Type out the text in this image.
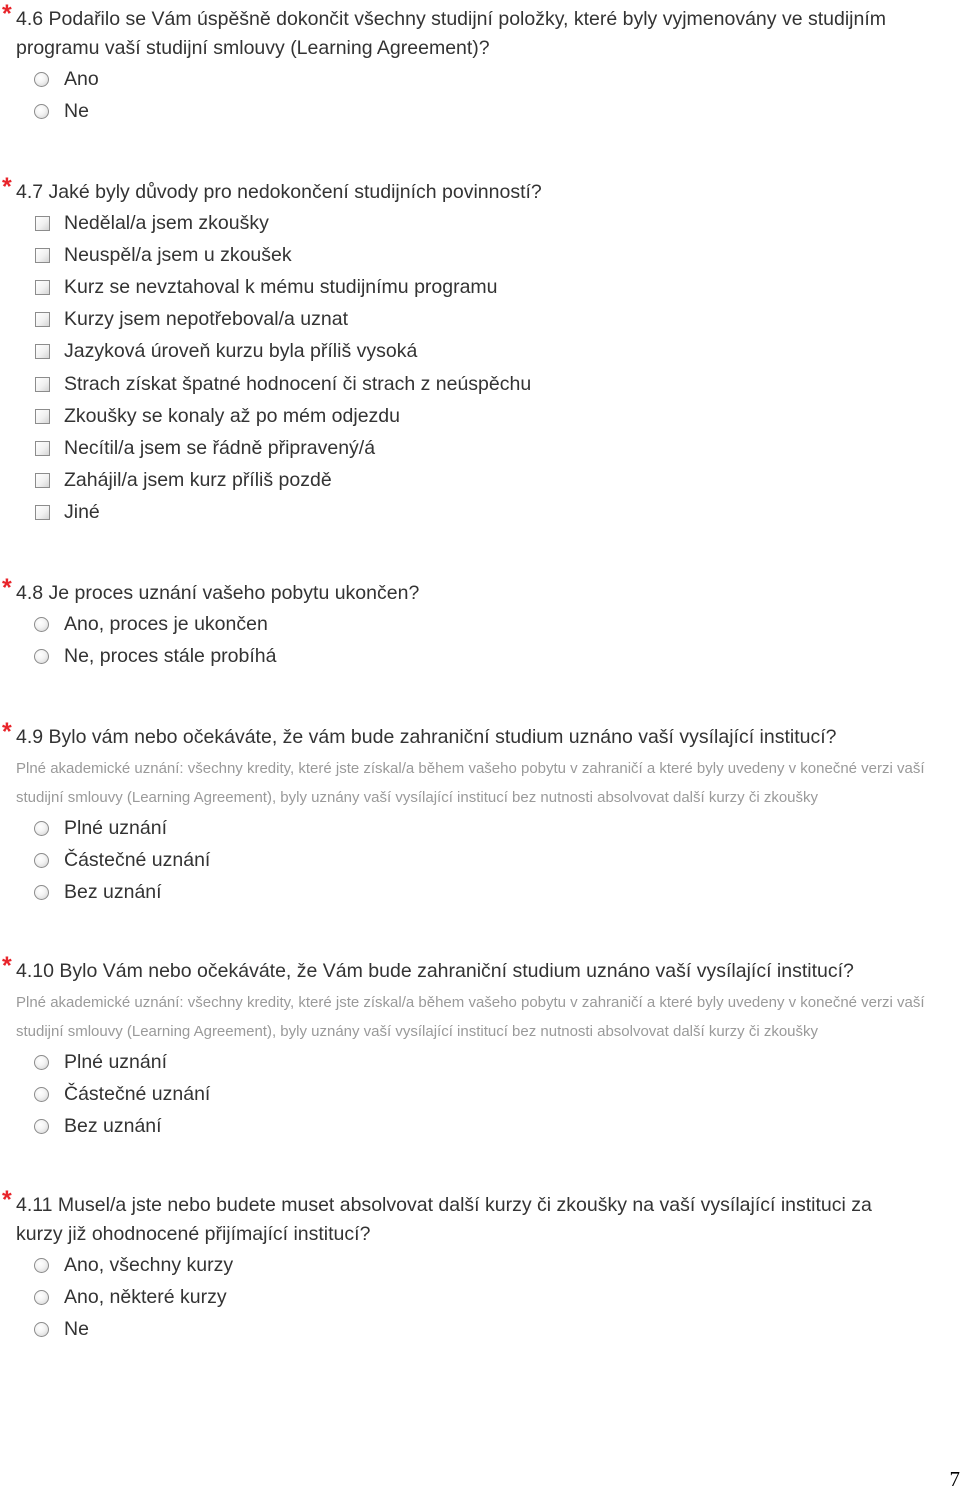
* 4.6 Podařilo se Vám úspěšně dokončit všechny studijní položky, které byly vyjmenovány ve studijním programu vaší studijní smlouvy (Learning Agreement)?
Ano
Ne
* 4.7 Jaké byly důvody pro nedokončení studijních povinností?
Nedělal/a jsem zkoušky
Neuspěl/a jsem u zkoušek
Kurz se nevztahoval k mému studijnímu programu
Kurzy jsem nepotřeboval/a uznat
Jazyková úroveň kurzu byla příliš vysoká
Strach získat špatné hodnocení či strach z neúspěchu
Zkoušky se konaly až po mém odjezdu
Necítil/a jsem se řádně připravený/á
Zahájil/a jsem kurz příliš pozdě
Jiné
* 4.8 Je proces uznání vašeho pobytu ukončen?
Ano, proces je ukončen
Ne, proces stále probíhá
* 4.9 Bylo vám nebo očekáváte, že vám bude zahraniční studium uznáno vaší vysílající institucí?
Plné akademické uznání: všechny kredity, které jste získal/a během vašeho pobytu v zahraničí a které byly uvedeny v konečné verzi vaší studijní smlouvy (Learning Agreement), byly uznány vaší vysílající institucí bez nutnosti absolvovat další kurzy či zkoušky
Plné uznání
Částečné uznání
Bez uznání
* 4.10 Bylo Vám nebo očekáváte, že Vám bude zahraniční studium uznáno vaší vysílající institucí?
Plné akademické uznání: všechny kredity, které jste získal/a během vašeho pobytu v zahraničí a které byly uvedeny v konečné verzi vaší studijní smlouvy (Learning Agreement), byly uznány vaší vysílající institucí bez nutnosti absolvovat další kurzy či zkoušky
Plné uznání
Částečné uznání
Bez uznání
* 4.11 Musel/a jste nebo budete muset absolvovat další kurzy či zkoušky na vaší vysílající instituci za kurzy již ohodnocené přijímající institucí?
Ano, všechny kurzy
Ano, některé kurzy
Ne
7
